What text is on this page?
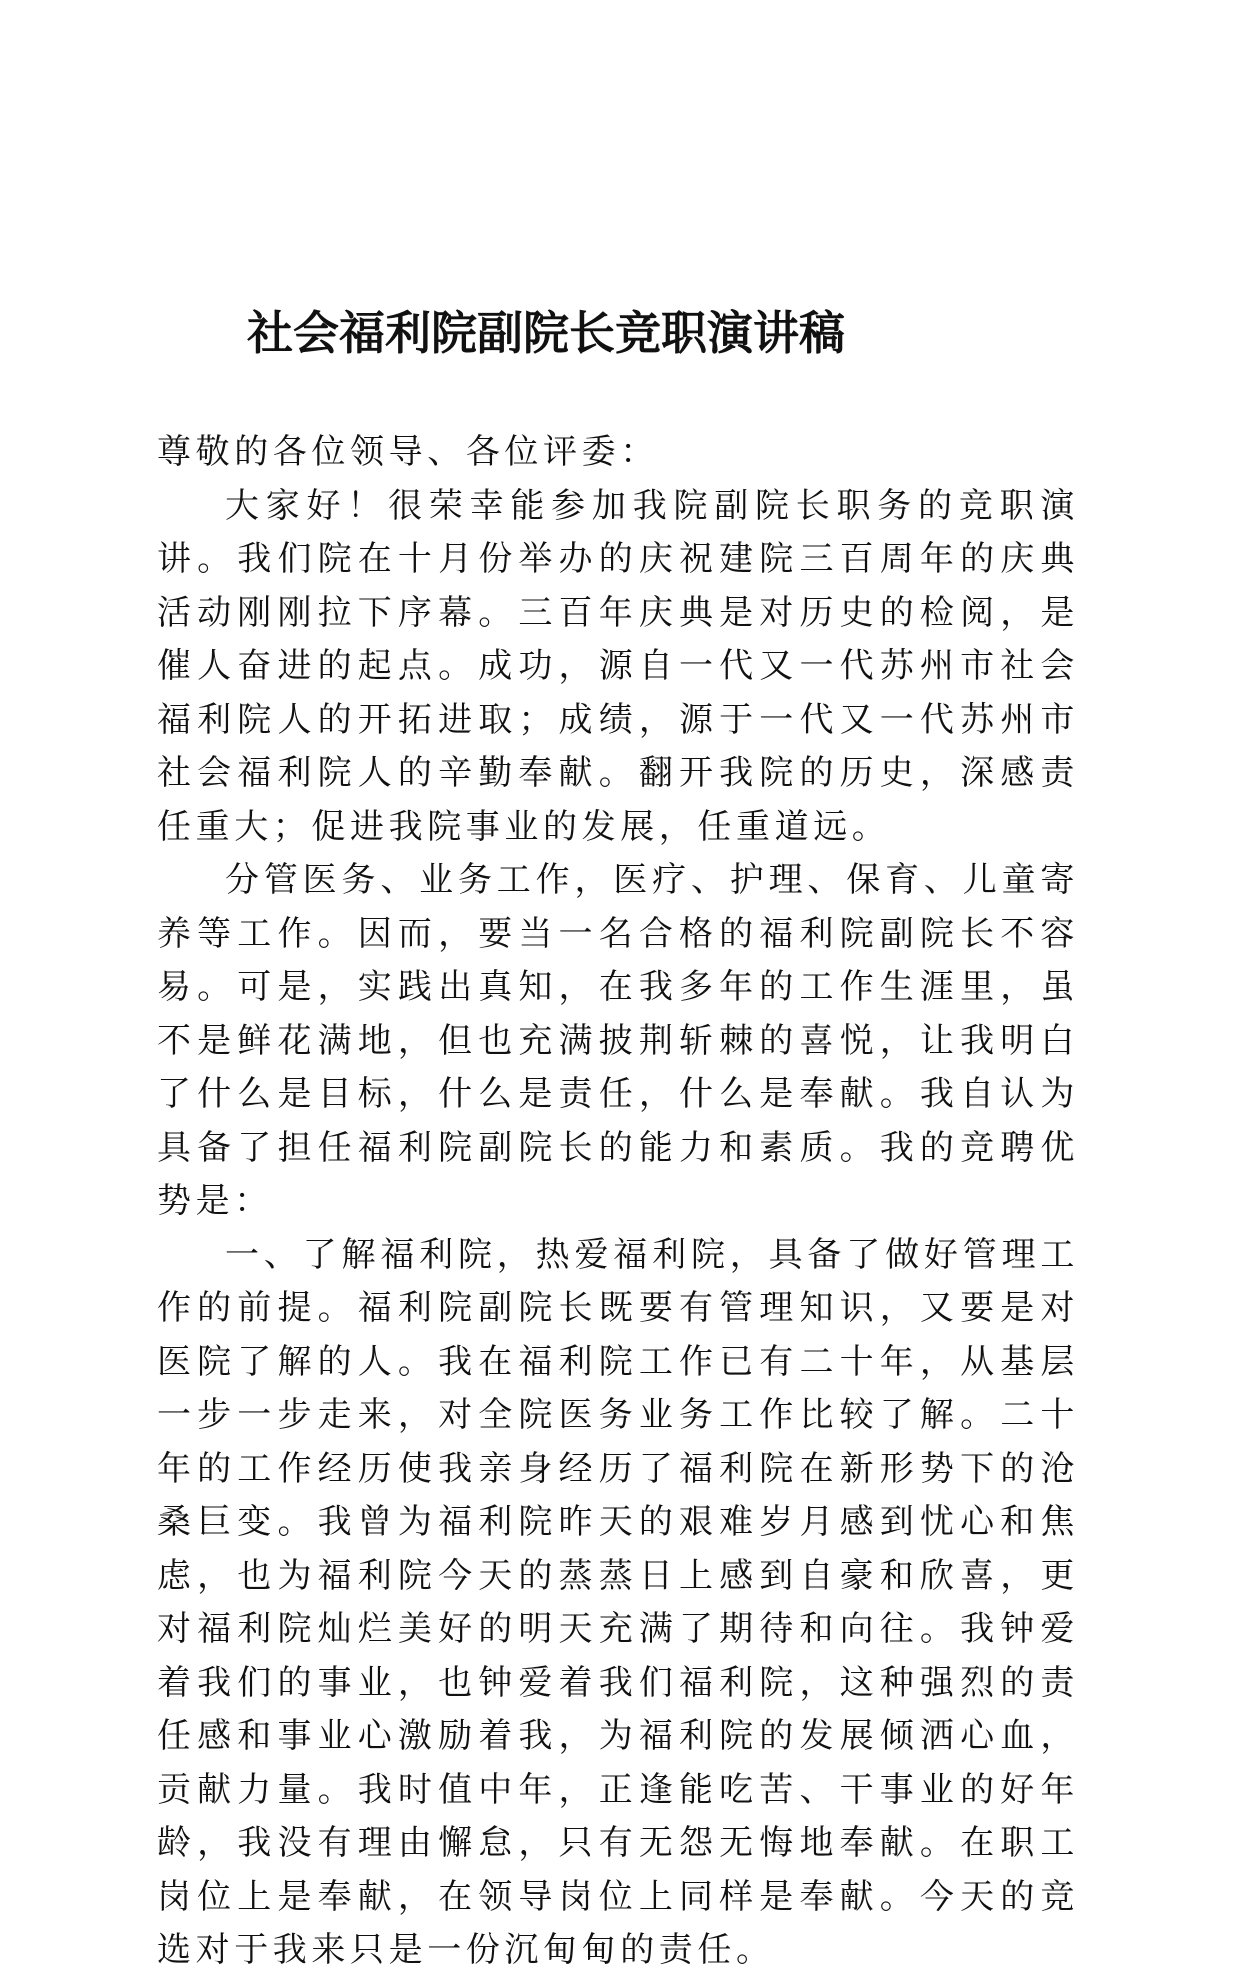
社会福利院副院长竞职演讲稿

尊敬的各位领导、各位评委：

大家好！很荣幸能参加我院副院长职务的竞职演讲。我们院在十月份举办的庆祝建院三百周年的庆典活动刚刚拉下序幕。三百年庆典是对历史的检阅，是催人奋进的起点。成功，源自一代又一代苏州市社会福利院人的开拓进取；成绩，源于一代又一代苏州市社会福利院人的辛勤奉献。翻开我院的历史，深感责任重大；促进我院事业的发展，任重道远。

分管医务、业务工作，医疗、护理、保育、儿童寄养等工作。因而，要当一名合格的福利院副院长不容易。可是，实践出真知，在我多年的工作生涯里，虽不是鲜花满地，但也充满披荆斩棘的喜悦，让我明白了什么是目标，什么是责任，什么是奉献。我自认为具备了担任福利院副院长的能力和素质。我的竞聘优势是：

一、了解福利院，热爱福利院，具备了做好管理工作的前提。福利院副院长既要有管理知识，又要是对医院了解的人。我在福利院工作已有二十年，从基层一步一步走来，对全院医务业务工作比较了解。二十年的工作经历使我亲身经历了福利院在新形势下的沧桑巨变。我曾为福利院昨天的艰难岁月感到忧心和焦虑，也为福利院今天的蒸蒸日上感到自豪和欣喜，更对福利院灿烂美好的明天充满了期待和向往。我钟爱着我们的事业，也钟爱着我们福利院，这种强烈的责任感和事业心激励着我，为福利院的发展倾洒心血，贡献力量。我时值中年，正逢能吃苦、干事业的好年龄，我没有理由懈怠，只有无怨无悔地奉献。在职工岗位上是奉献，在领导岗位上同样是奉献。今天的竞选对于我来只是一份沉甸甸的责任。
